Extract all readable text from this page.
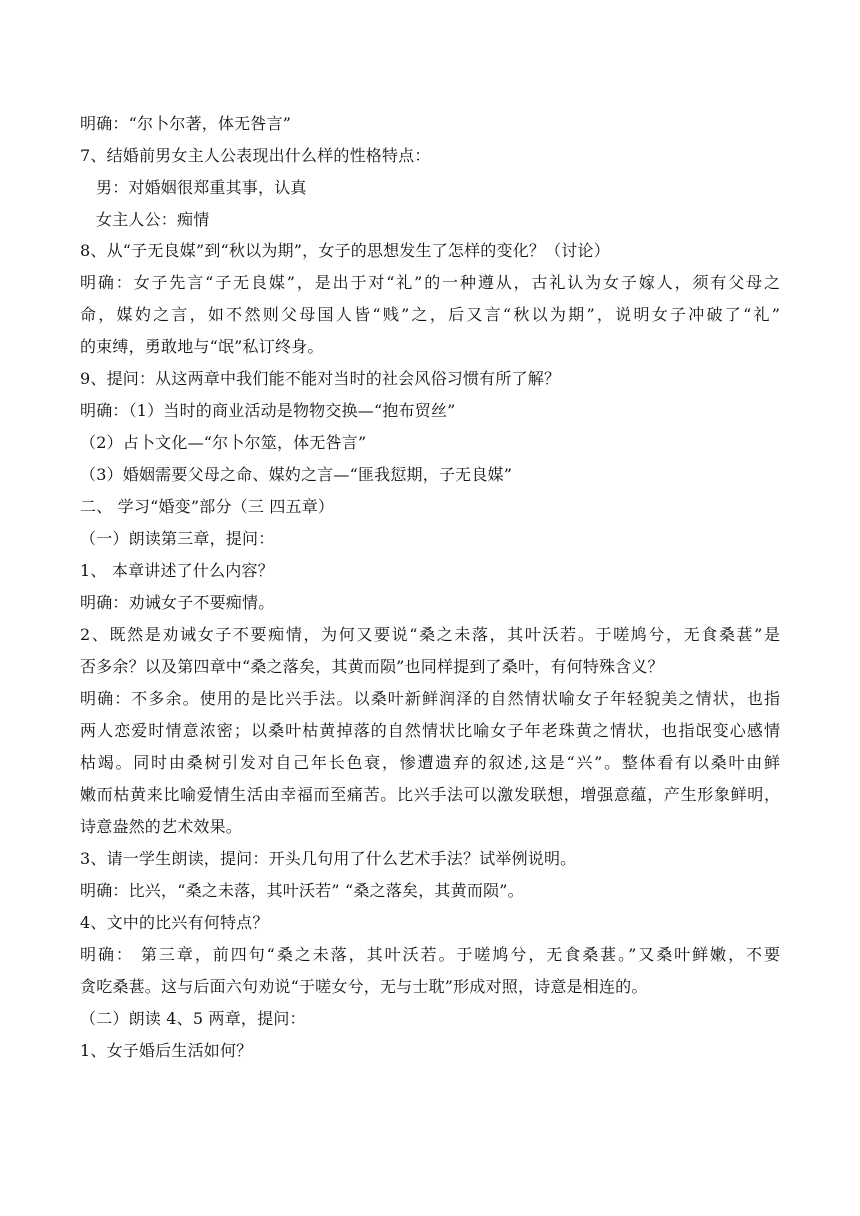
明确：“尔卜尔著，体无咎言”
7、结婚前男女主人公表现出什么样的性格特点：
男：对婚姻很郑重其事，认真
女主人公：痴情
8、从“子无良媒”到“秋以为期”，女子的思想发生了怎样的变化？（讨论）
明确：女子先言“子无良媒”，是出于对“礼”的一种遵从，古礼认为女子嫁人，须有父母之
命，媒妁之言，如不然则父母国人皆“贱”之，后又言“秋以为期”，说明女子冲破了“礼”
的束缚，勇敢地与“氓”私订终身。
9、提问：从这两章中我们能不能对当时的社会风俗习惯有所了解？
明确：（1）当时的商业活动是物物交换—“抱布贸丝”
（2）占卜文化—“尔卜尔筮，体无咎言”
（3）婚姻需要父母之命、媒妁之言—“匪我愆期，子无良媒”
二、 学习“婚变”部分（三 四五章）
（一）朗读第三章，提问：
1、 本章讲述了什么内容？
明确：劝诫女子不要痴情。
2、既然是劝诫女子不要痴情，为何又要说“桑之未落，其叶沃若。于嗟鸠兮，无食桑葚”是
否多余？以及第四章中“桑之落矣，其黄而陨”也同样提到了桑叶，有何特殊含义？
明确：不多余。使用的是比兴手法。以桑叶新鲜润泽的自然情状喻女子年轻貌美之情状，也指
两人恋爱时情意浓密；以桑叶枯黄掉落的自然情状比喻女子年老珠黄之情状，也指氓变心感情
枯竭。同时由桑树引发对自己年长色衰，惨遭遗弃的叙述,这是“兴”。整体看有以桑叶由鲜
嫩而枯黄来比喻爱情生活由幸福而至痛苦。比兴手法可以激发联想，增强意蕴，产生形象鲜明，
诗意盎然的艺术效果。
3、请一学生朗读，提问：开头几句用了什么艺术手法？试举例说明。
明确：比兴，“桑之未落，其叶沃若” “桑之落矣，其黄而陨”。
4、文中的比兴有何特点？
明确： 第三章，前四句“桑之未落，其叶沃若。于嗟鸠兮，无食桑葚。”又桑叶鲜嫩，不要
贪吃桑葚。这与后面六句劝说“于嗟女兮，无与士耽”形成对照，诗意是相连的。
（二）朗读 4、5 两章，提问：
1、女子婚后生活如何？
